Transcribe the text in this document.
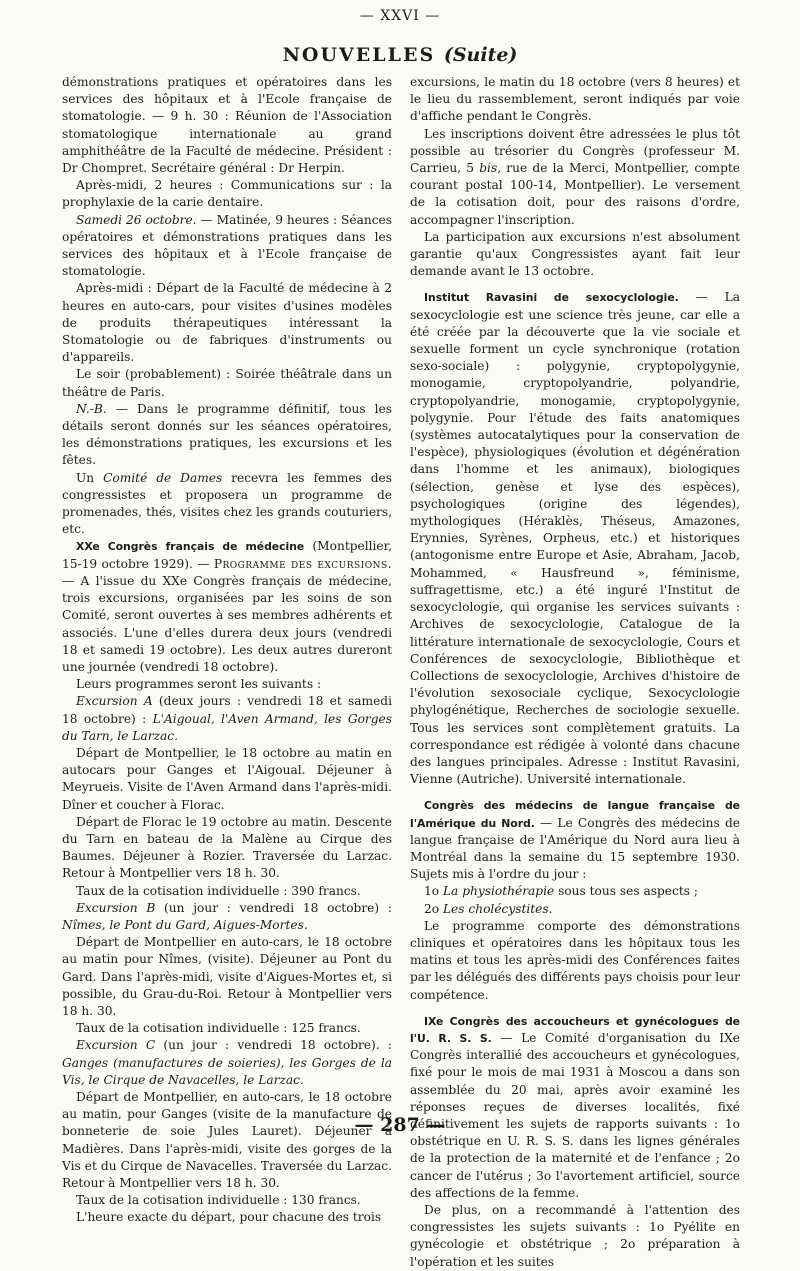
— XXVI —
NOUVELLES (Suite)

démonstrations pratiques et opératoires dans les services des hôpitaux et à l'Ecole française de stomatologie. — 9 h. 30 : Réunion de l'Association stomatologique internationale au grand amphithéâtre de la Faculté de médecine. Président : Dr Chompret. Secrétaire général : Dr Herpin.

Après-midi, 2 heures : Communications sur : la prophylaxie de la carie dentaire.

Samedi 26 octobre. — Matinée, 9 heures : Séances opératoires et démonstrations pratiques dans les services des hôpitaux et à l'Ecole française de stomatologie.

Après-midi : Départ de la Faculté de médecine à 2 heures en auto-cars, pour visites d'usines modèles de produits thérapeutiques intéressant la Stomatologie ou de fabriques d'instruments ou d'appareils.

Le soir (probablement) : Soirée théâtrale dans un théâtre de Paris.

N.-B. — Dans le programme définitif, tous les détails seront donnés sur les séances opératoires, les démonstrations pratiques, les excursions et les fêtes.

Un Comité de Dames recevra les femmes des congressistes et proposera un programme de promenades, thés, visites chez les grands couturiers, etc.

XXe Congrès français de médecine (Montpellier, 15-19 octobre 1929). — Programme des excursions. — A l'issue du XXe Congrès français de médecine, trois excursions, organisées par les soins de son Comité, seront ouvertes à ses membres adhérents et associés. L'une d'elles durera deux jours (vendredi 18 et samedi 19 octobre). Les deux autres dureront une journée (vendredi 18 octobre).

Leurs programmes seront les suivants :

Excursion A (deux jours : vendredi 18 et samedi 18 octobre) : L'Aigoual, l'Aven Armand, les Gorges du Tarn, le Larzac.

Départ de Montpellier, le 18 octobre au matin en autocars pour Ganges et l'Aigoual. Déjeuner à Meyrueis. Visite de l'Aven Armand dans l'après-midi. Dîner et coucher à Florac.

Départ de Florac le 19 octobre au matin. Descente du Tarn en bateau de la Malène au Cirque des Baumes. Déjeuner à Rozier. Traversée du Larzac. Retour à Montpellier vers 18 h. 30.

Taux de la cotisation individuelle : 390 francs.

Excursion B (un jour : vendredi 18 octobre) : Nîmes, le Pont du Gard, Aigues-Mortes.

Départ de Montpellier en auto-cars, le 18 octobre au matin pour Nîmes, (visite). Déjeuner au Pont du Gard. Dans l'après-midi, visite d'Aigues-Mortes et, si possible, du Grau-du-Roi. Retour à Montpellier vers 18 h. 30.

Taux de la cotisation individuelle : 125 francs.

Excursion C (un jour : vendredi 18 octobre). : Ganges (manufactures de soieries), les Gorges de la Vis, le Cirque de Navacelles, le Larzac.

Départ de Montpellier, en auto-cars, le 18 octobre au matin, pour Ganges (visite de la manufacture de bonneterie de soie Jules Lauret). Déjeuner à Madières. Dans l'après-midi, visite des gorges de la Vis et du Cirque de Navacelles. Traversée du Larzac. Retour à Montpellier vers 18 h. 30.

Taux de la cotisation individuelle : 130 francs.

L'heure exacte du départ, pour chacune des trois

excursions, le matin du 18 octobre (vers 8 heures) et le lieu du rassemblement, seront indiqués par voie d'affiche pendant le Congrès.

Les inscriptions doivent être adressées le plus tôt possible au trésorier du Congrès (professeur M. Carrieu, 5 bis, rue de la Merci, Montpellier, compte courant postal 100-14, Montpellier). Le versement de la cotisation doit, pour des raisons d'ordre, accompagner l'inscription.

La participation aux excursions n'est absolument garantie qu'aux Congressistes ayant fait leur demande avant le 13 octobre.

Institut Ravasini de sexocyclologie. — La sexocyclologie est une science très jeune, car elle a été créée par la découverte que la vie sociale et sexuelle forment un cycle synchronique (rotation sexo-sociale) : polygynie, cryptopolygynie, monogamie, cryptopolyandrie, polyandrie, cryptopolyandrie, monogamie, cryptopolygynie, polygynie. Pour l'étude des faits anatomiques (systèmes autocatalytiques pour la conservation de l'espèce), physiologiques (évolution et dégénération dans l'homme et les animaux), biologiques (sélection, genèse et lyse des espèces), psychologiques (origine des légendes), mythologiques (Héraklès, Théseus, Amazones, Erynnies, Syrènes, Orpheus, etc.) et historiques (antogonisme entre Europe et Asie, Abraham, Jacob, Mohammed, « Hausfreund », féminisme, suffragettisme, etc.) a été inguré l'Institut de sexocyclologie, qui organise les services suivants : Archives de sexocyclologie, Catalogue de la littérature internationale de sexocyclologie, Cours et Conférences de sexocyclologie, Bibliothèque et Collections de sexocyclologie, Archives d'histoire de l'évolution sexosociale cyclique, Sexocyclologie phylogénétique, Recherches de sociologie sexuelle. Tous les services sont complètement gratuits. La correspondance est rédigée à volonté dans chacune des langues principales. Adresse : Institut Ravasini, Vienne (Autriche). Université internationale.

Congrès des médecins de langue française de l'Amérique du Nord. — Le Congrès des médecins de langue française de l'Amérique du Nord aura lieu à Montréal dans la semaine du 15 septembre 1930. Sujets mis à l'ordre du jour :

1o La physiothérapie sous tous ses aspects ;

2o Les cholécystites.

Le programme comporte des démonstrations cliniques et opératoires dans les hôpitaux tous les matins et tous les après-midi des Conférences faites par les délégués des différents pays choisis pour leur compétence.

IXe Congrès des accoucheurs et gynécologues de l'U. R. S. S. — Le Comité d'organisation du IXe Congrès interallié des accoucheurs et gynécologues, fixé pour le mois de mai 1931 à Moscou a dans son assemblée du 20 mai, après avoir examiné les réponses reçues de diverses localités, fixé définitivement les sujets de rapports suivants : 1o obstétrique en U. R. S. S. dans les lignes générales de la protection de la maternité et de l'enfance ; 2o cancer de l'utérus ; 3o l'avortement artificiel, source des affections de la femme.

De plus, on a recommandé à l'attention des congressistes les sujets suivants : 1o Pyélite en gynécologie et obstétrique ; 2o préparation à l'opération et les suites

— 287 —
